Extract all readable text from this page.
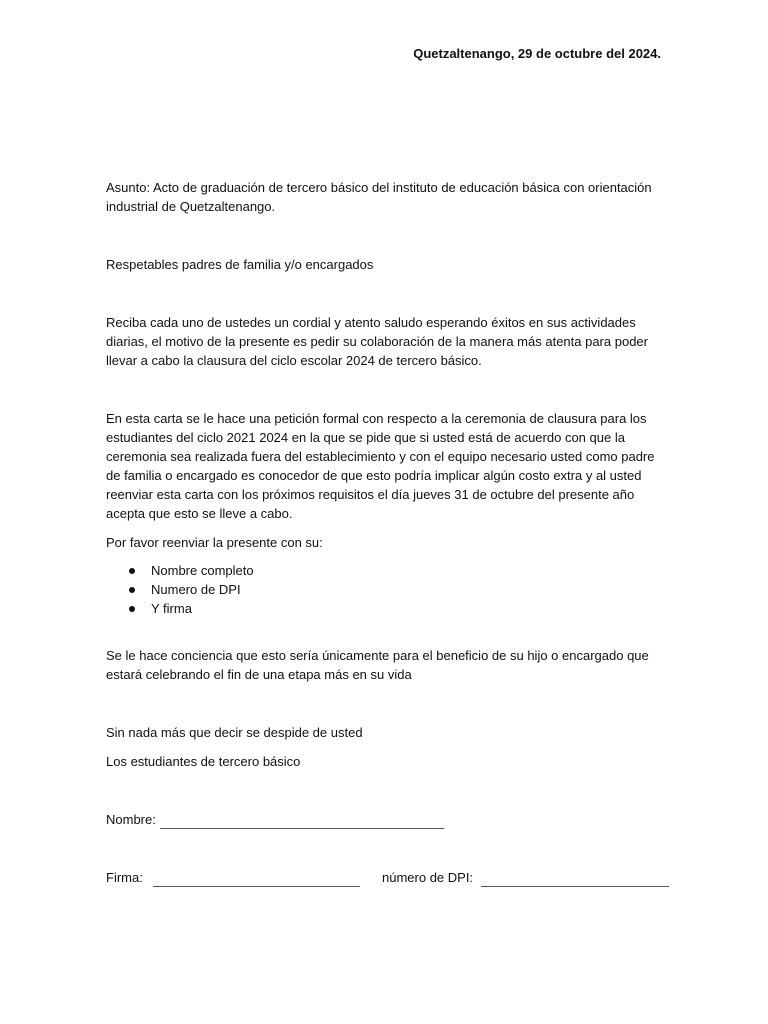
Quetzaltenango, 29 de octubre del 2024.
Asunto: Acto de graduación de tercero básico del instituto de educación básica con orientación industrial de Quetzaltenango.
Respetables padres de familia y/o encargados
Reciba cada uno de ustedes un cordial y atento saludo esperando éxitos en sus actividades diarias, el motivo de la presente es pedir su colaboración de la manera más atenta para poder llevar a cabo la clausura del ciclo escolar 2024 de tercero básico.
En esta carta se le hace una petición formal con respecto a la ceremonia de clausura para los estudiantes del ciclo 2021 2024 en la que se pide que si usted está de acuerdo con que la ceremonia sea realizada fuera del establecimiento y con el equipo necesario usted como padre de familia o encargado es conocedor de que esto podría implicar algún costo extra y al usted reenviar esta carta con los próximos requisitos el día jueves 31 de octubre del presente año acepta que esto se lleve a cabo.
Por favor reenviar la presente con su:
Nombre completo
Numero de DPI
Y firma
Se le hace conciencia que esto sería únicamente para el beneficio de su hijo o encargado que estará celebrando el fin de una etapa más en su vida
Sin nada más que decir se despide de usted
Los estudiantes de tercero básico
Nombre:
Firma:	número de DPI:
